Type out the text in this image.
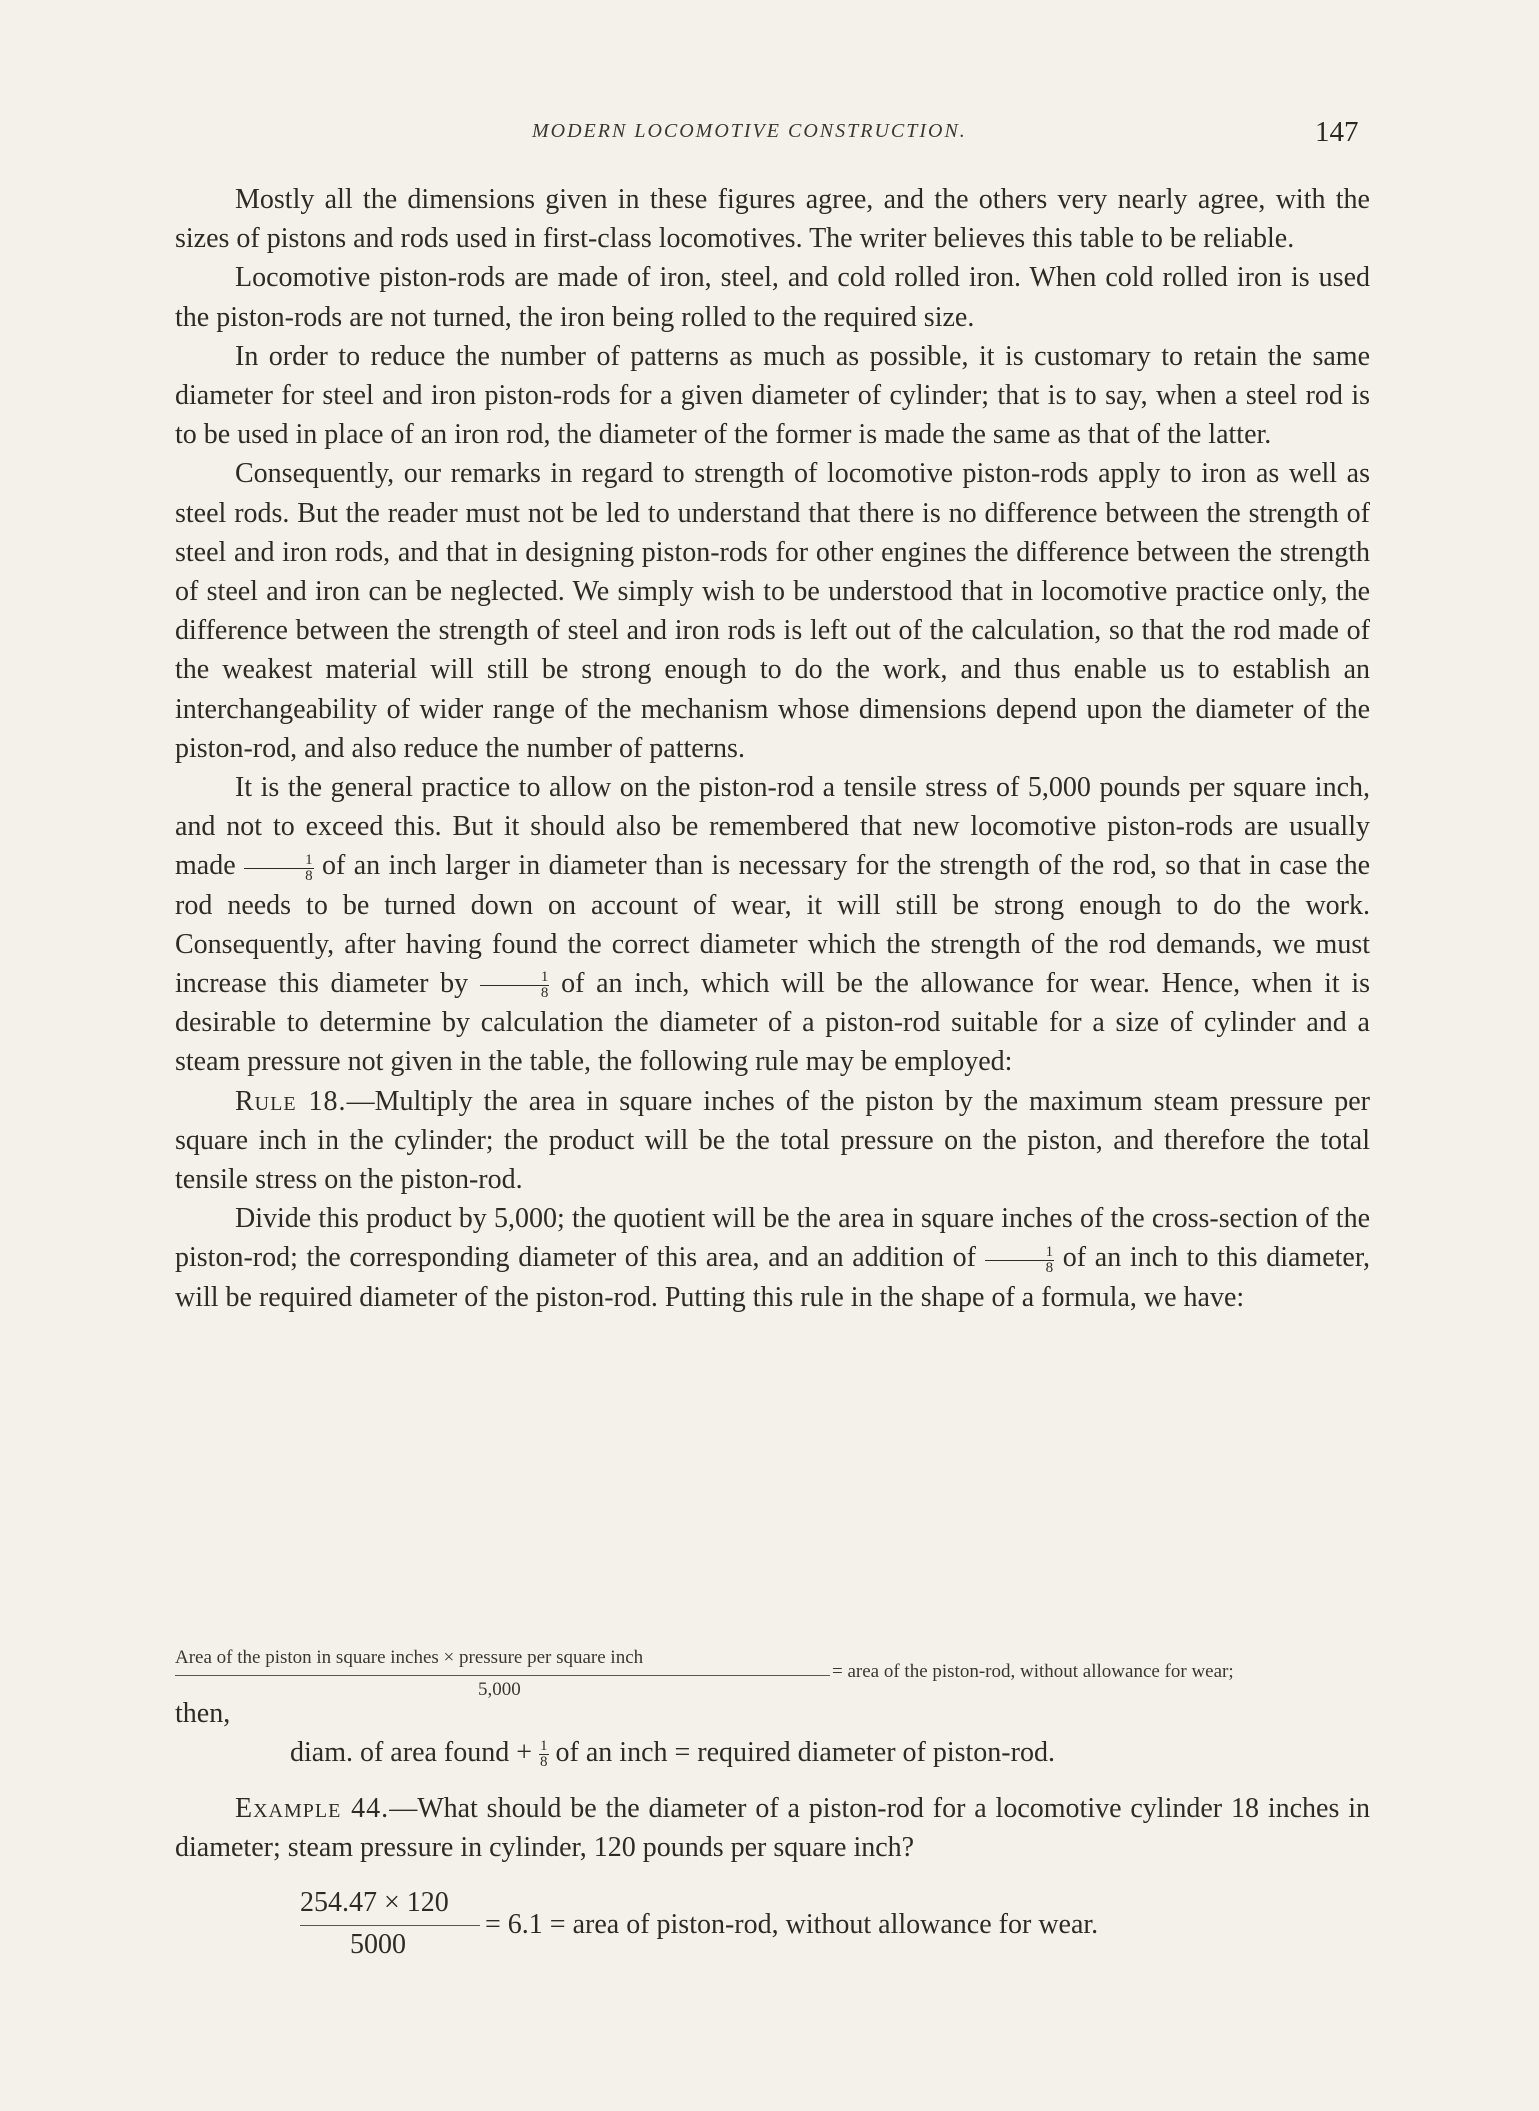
MODERN LOCOMOTIVE CONSTRUCTION.	147

Mostly all the dimensions given in these figures agree, and the others very nearly agree, with the sizes of pistons and rods used in first-class locomotives. The writer believes this table to be reliable.

Locomotive piston-rods are made of iron, steel, and cold rolled iron. When cold rolled iron is used the piston-rods are not turned, the iron being rolled to the required size.

In order to reduce the number of patterns as much as possible, it is customary to retain the same diameter for steel and iron piston-rods for a given diameter of cylinder; that is to say, when a steel rod is to be used in place of an iron rod, the diameter of the former is made the same as that of the latter.

Consequently, our remarks in regard to strength of locomotive piston-rods apply to iron as well as steel rods. But the reader must not be led to understand that there is no difference between the strength of steel and iron rods, and that in designing piston-rods for other engines the difference between the strength of steel and iron can be neglected. We simply wish to be understood that in locomotive practice only, the difference between the strength of steel and iron rods is left out of the calculation, so that the rod made of the weakest material will still be strong enough to do the work, and thus enable us to establish an interchangeability of wider range of the mechanism whose dimensions depend upon the diameter of the piston-rod, and also reduce the number of patterns.

It is the general practice to allow on the piston-rod a tensile stress of 5,000 pounds per square inch, and not to exceed this. But it should also be remembered that new locomotive piston-rods are usually made $\frac{1}{8}$ of an inch larger in diameter than is necessary for the strength of the rod, so that in case the rod needs to be turned down on account of wear, it will still be strong enough to do the work. Consequently, after having found the correct diameter which the strength of the rod demands, we must increase this diameter by $\frac{1}{8}$ of an inch, which will be the allowance for wear. Hence, when it is desirable to determine by calculation the diameter of a piston-rod suitable for a size of cylinder and a steam pressure not given in the table, the following rule may be employed:

Rule 18.—Multiply the area in square inches of the piston by the maximum steam pressure per square inch in the cylinder; the product will be the total pressure on the piston, and therefore the total tensile stress on the piston-rod.

Divide this product by 5,000; the quotient will be the area in square inches of the cross-section of the piston-rod; the corresponding diameter of this area, and an addition of $\frac{1}{8}$ of an inch to this diameter, will be required diameter of the piston-rod. Putting this rule in the shape of a formula, we have:

Area of the piston in square inches × pressure per square inch
5,000
= area of the piston-rod, without allowance for wear;
then,
diam. of area found + $\frac{1}{8}$ of an inch = required diameter of piston-rod.

Example 44.—What should be the diameter of a piston-rod for a locomotive cylinder 18 inches in diameter; steam pressure in cylinder, 120 pounds per square inch?

254.47 × 120
5000
= 6.1 = area of piston-rod, without allowance for wear.
